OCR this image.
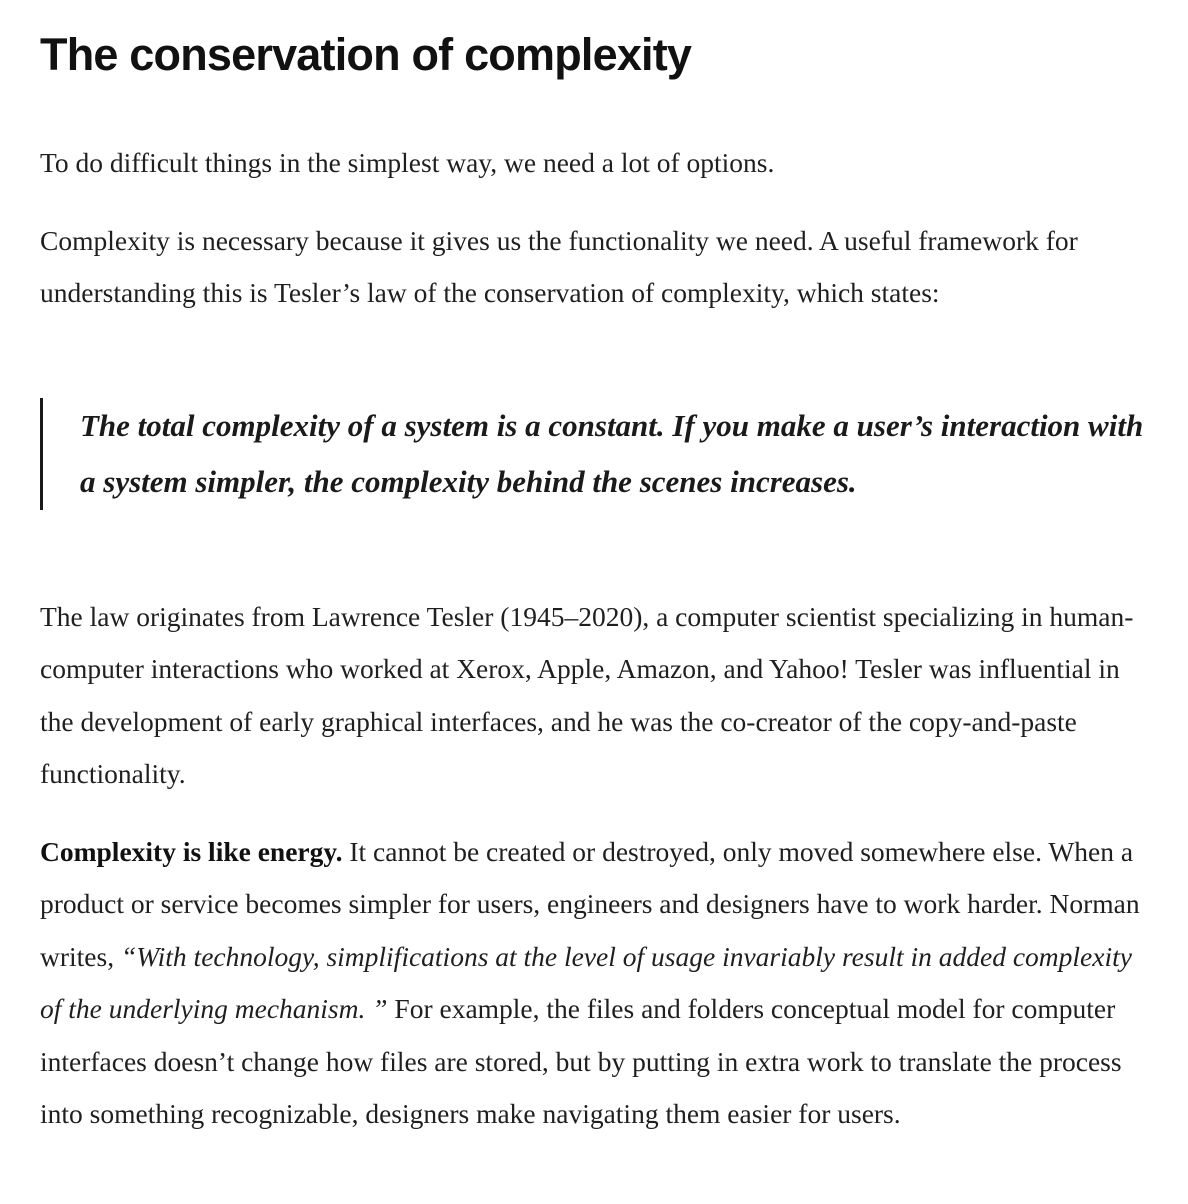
The conservation of complexity

To do difficult things in the simplest way, we need a lot of options.

Complexity is necessary because it gives us the functionality we need. A useful framework for understanding this is Tesler’s law of the conservation of complexity, which states:

The total complexity of a system is a constant. If you make a user’s interaction with a system simpler, the complexity behind the scenes increases.

The law originates from Lawrence Tesler (1945–2020), a computer scientist specializing in human-computer interactions who worked at Xerox, Apple, Amazon, and Yahoo! Tesler was influential in the development of early graphical interfaces, and he was the co-creator of the copy-and-paste functionality.

Complexity is like energy. It cannot be created or destroyed, only moved somewhere else. When a product or service becomes simpler for users, engineers and designers have to work harder. Norman writes, “With technology, simplifications at the level of usage invariably result in added complexity of the underlying mechanism. ” For example, the files and folders conceptual model for computer interfaces doesn’t change how files are stored, but by putting in extra work to translate the process into something recognizable, designers make navigating them easier for users.
